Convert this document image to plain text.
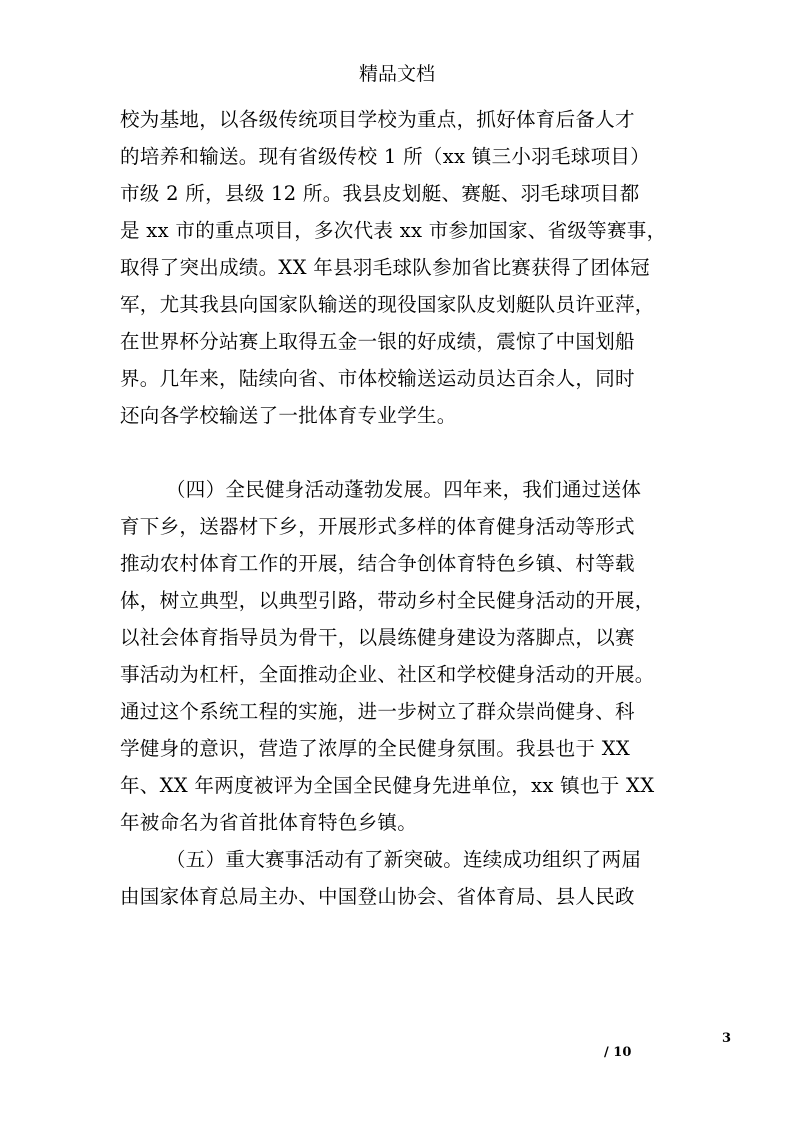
精品文档
校为基地，以各级传统项目学校为重点，抓好体育后备人才
的培养和输送。现有省级传校 1 所（xx 镇三小羽毛球项目）
市级 2 所，县级 12 所。我县皮划艇、赛艇、羽毛球项目都
是 xx 市的重点项目，多次代表 xx 市参加国家、省级等赛事，
取得了突出成绩。XX 年县羽毛球队参加省比赛获得了团体冠
军，尤其我县向国家队输送的现役国家队皮划艇队员许亚萍，
在世界杯分站赛上取得五金一银的好成绩，震惊了中国划船
界。几年来，陆续向省、市体校输送运动员达百余人，同时
还向各学校输送了一批体育专业学生。
（四）全民健身活动蓬勃发展。四年来，我们通过送体
育下乡，送器材下乡，开展形式多样的体育健身活动等形式
推动农村体育工作的开展，结合争创体育特色乡镇、村等载
体，树立典型，以典型引路，带动乡村全民健身活动的开展，
以社会体育指导员为骨干，以晨练健身建设为落脚点，以赛
事活动为杠杆，全面推动企业、社区和学校健身活动的开展。
通过这个系统工程的实施，进一步树立了群众崇尚健身、科
学健身的意识，营造了浓厚的全民健身氛围。我县也于 XX
年、XX 年两度被评为全国全民健身先进单位，xx 镇也于 XX
年被命名为省首批体育特色乡镇。
（五）重大赛事活动有了新突破。连续成功组织了两届
由国家体育总局主办、中国登山协会、省体育局、县人民政
3
/ 10
